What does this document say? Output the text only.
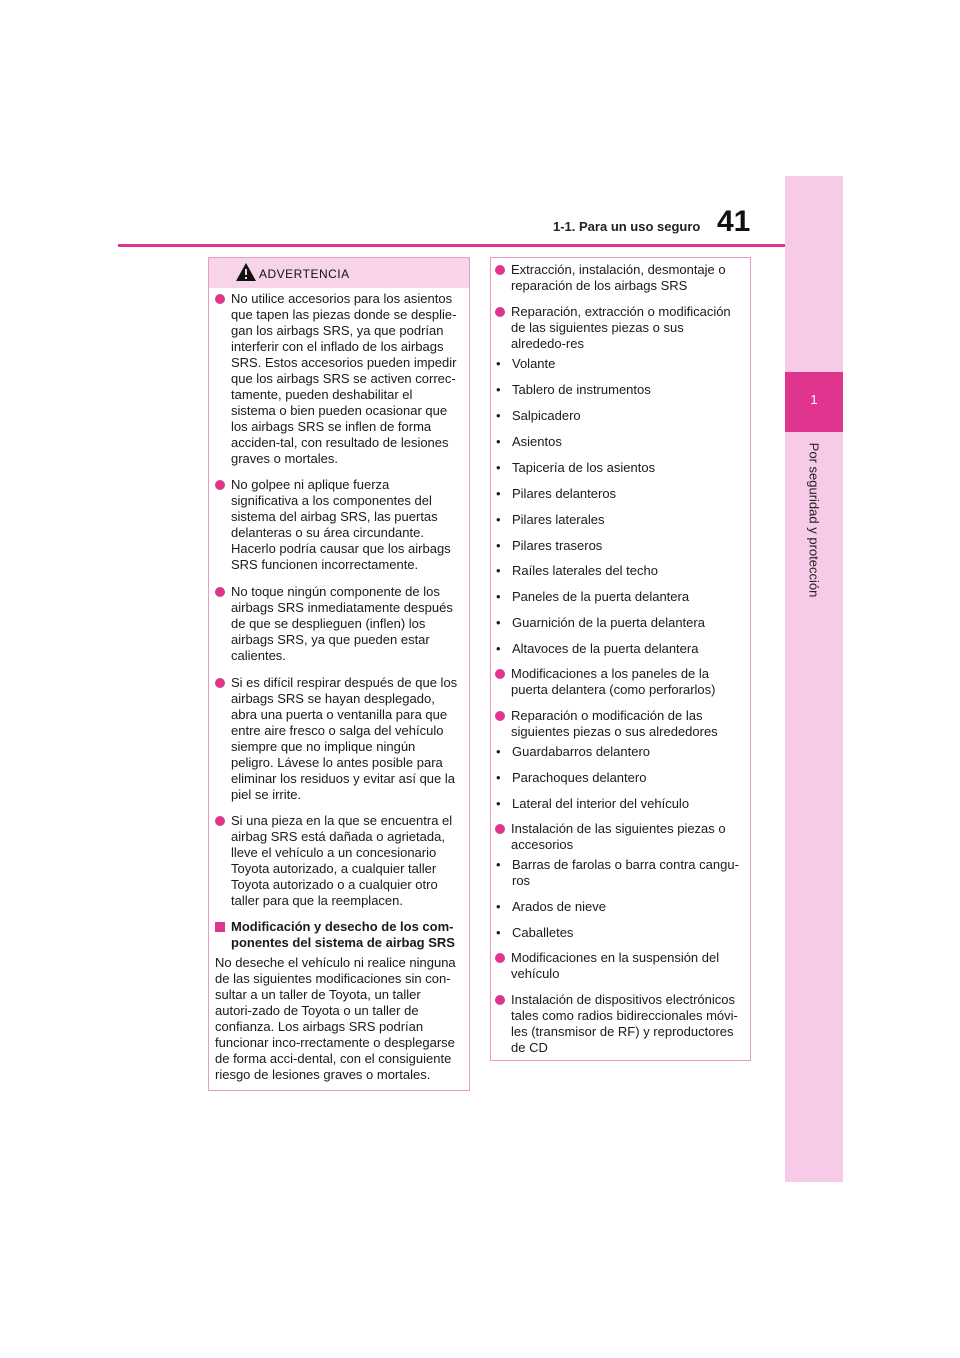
1
Por seguridad y protección
1-1. Para un uso seguro 41
ADVERTENCIA
No utilice accesorios para los asientos que tapen las piezas donde se desplie-gan los airbags SRS, ya que podrían interferir con el inflado de los airbags SRS. Estos accesorios pueden impedir que los airbags SRS se activen correc-tamente, pueden deshabilitar el sistema o bien pueden ocasionar que los airbags SRS se inflen de forma acciden-tal, con resultado de lesiones graves o mortales.
No golpee ni aplique fuerza significativa a los componentes del sistema del airbag SRS, las puertas delanteras o su área circundante. Hacerlo podría causar que los airbags SRS funcionen incorrectamente.
No toque ningún componente de los airbags SRS inmediatamente después de que se desplieguen (inflen) los airbags SRS, ya que pueden estar calientes.
Si es difícil respirar después de que los airbags SRS se hayan desplegado, abra una puerta o ventanilla para que entre aire fresco o salga del vehículo siempre que no implique ningún peligro. Lávese lo antes posible para eliminar los residuos y evitar así que la piel se irrite.
Si una pieza en la que se encuentra el airbag SRS está dañada o agrietada, lleve el vehículo a un concesionario Toyota autorizado, a cualquier taller Toyota autorizado o a cualquier otro taller para que la reemplacen.
Modificación y desecho de los com-ponentes del sistema de airbag SRS
No deseche el vehículo ni realice ninguna de las siguientes modificaciones sin con-sultar a un taller de Toyota, un taller autori-zado de Toyota o un taller de confianza. Los airbags SRS podrían funcionar inco-rrectamente o desplegarse de forma acci-dental, con el consiguiente riesgo de lesiones graves o mortales.
Extracción, instalación, desmontaje o reparación de los airbags SRS
Reparación, extracción o modificación de las siguientes piezas o sus alrededo-res
• Volante
• Tablero de instrumentos
• Salpicadero
• Asientos
• Tapicería de los asientos
• Pilares delanteros
• Pilares laterales
• Pilares traseros
• Raíles laterales del techo
• Paneles de la puerta delantera
• Guarnición de la puerta delantera
• Altavoces de la puerta delantera
Modificaciones a los paneles de la puerta delantera (como perforarlos)
Reparación o modificación de las siguientes piezas o sus alrededores
• Guardabarros delantero
• Parachoques delantero
• Lateral del interior del vehículo
Instalación de las siguientes piezas o accesorios
• Barras de farolas o barra contra cangu-ros
• Arados de nieve
• Caballetes
Modificaciones en la suspensión del vehículo
Instalación de dispositivos electrónicos tales como radios bidireccionales móvi-les (transmisor de RF) y reproductores de CD
